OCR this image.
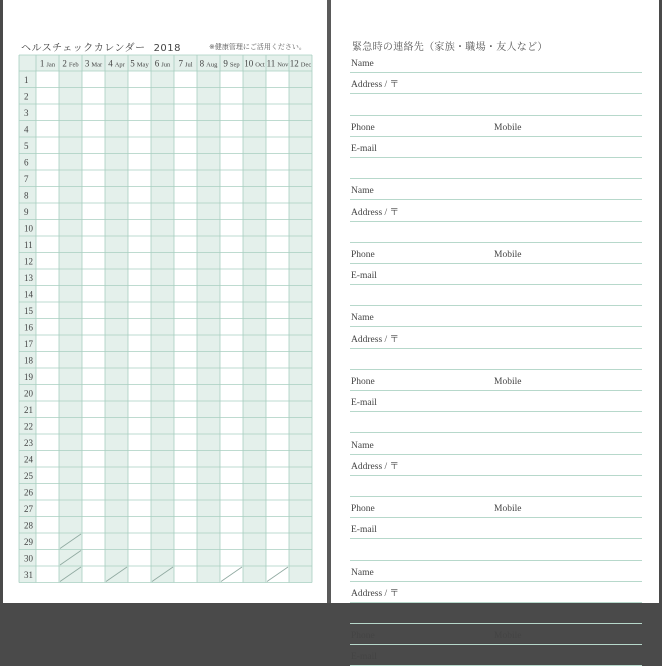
ヘルスチェックカレンダー 2018	※健康管理にご活用ください。
1 Jan 2 Feb 3 Mar 4 Apr 5 May 6 Jun 7 Jul 8 Aug 9 Sep 10 Oct 11 Nov 12 Dec
1
2
3
4
5
6
7
8
9
10
11
12
13
14
15
16
17
18
19
20
21
22
23
24
25
26
27
28
29
30
31
緊急時の連絡先（家族・職場・友人など）
Name
Address / 〒
Phone	Mobile
E-mail
Name
Address / 〒
Phone	Mobile
E-mail
Name
Address / 〒
Phone	Mobile
E-mail
Name
Address / 〒
Phone	Mobile
E-mail
Name
Address / 〒
Phone	Mobile
E-mail
